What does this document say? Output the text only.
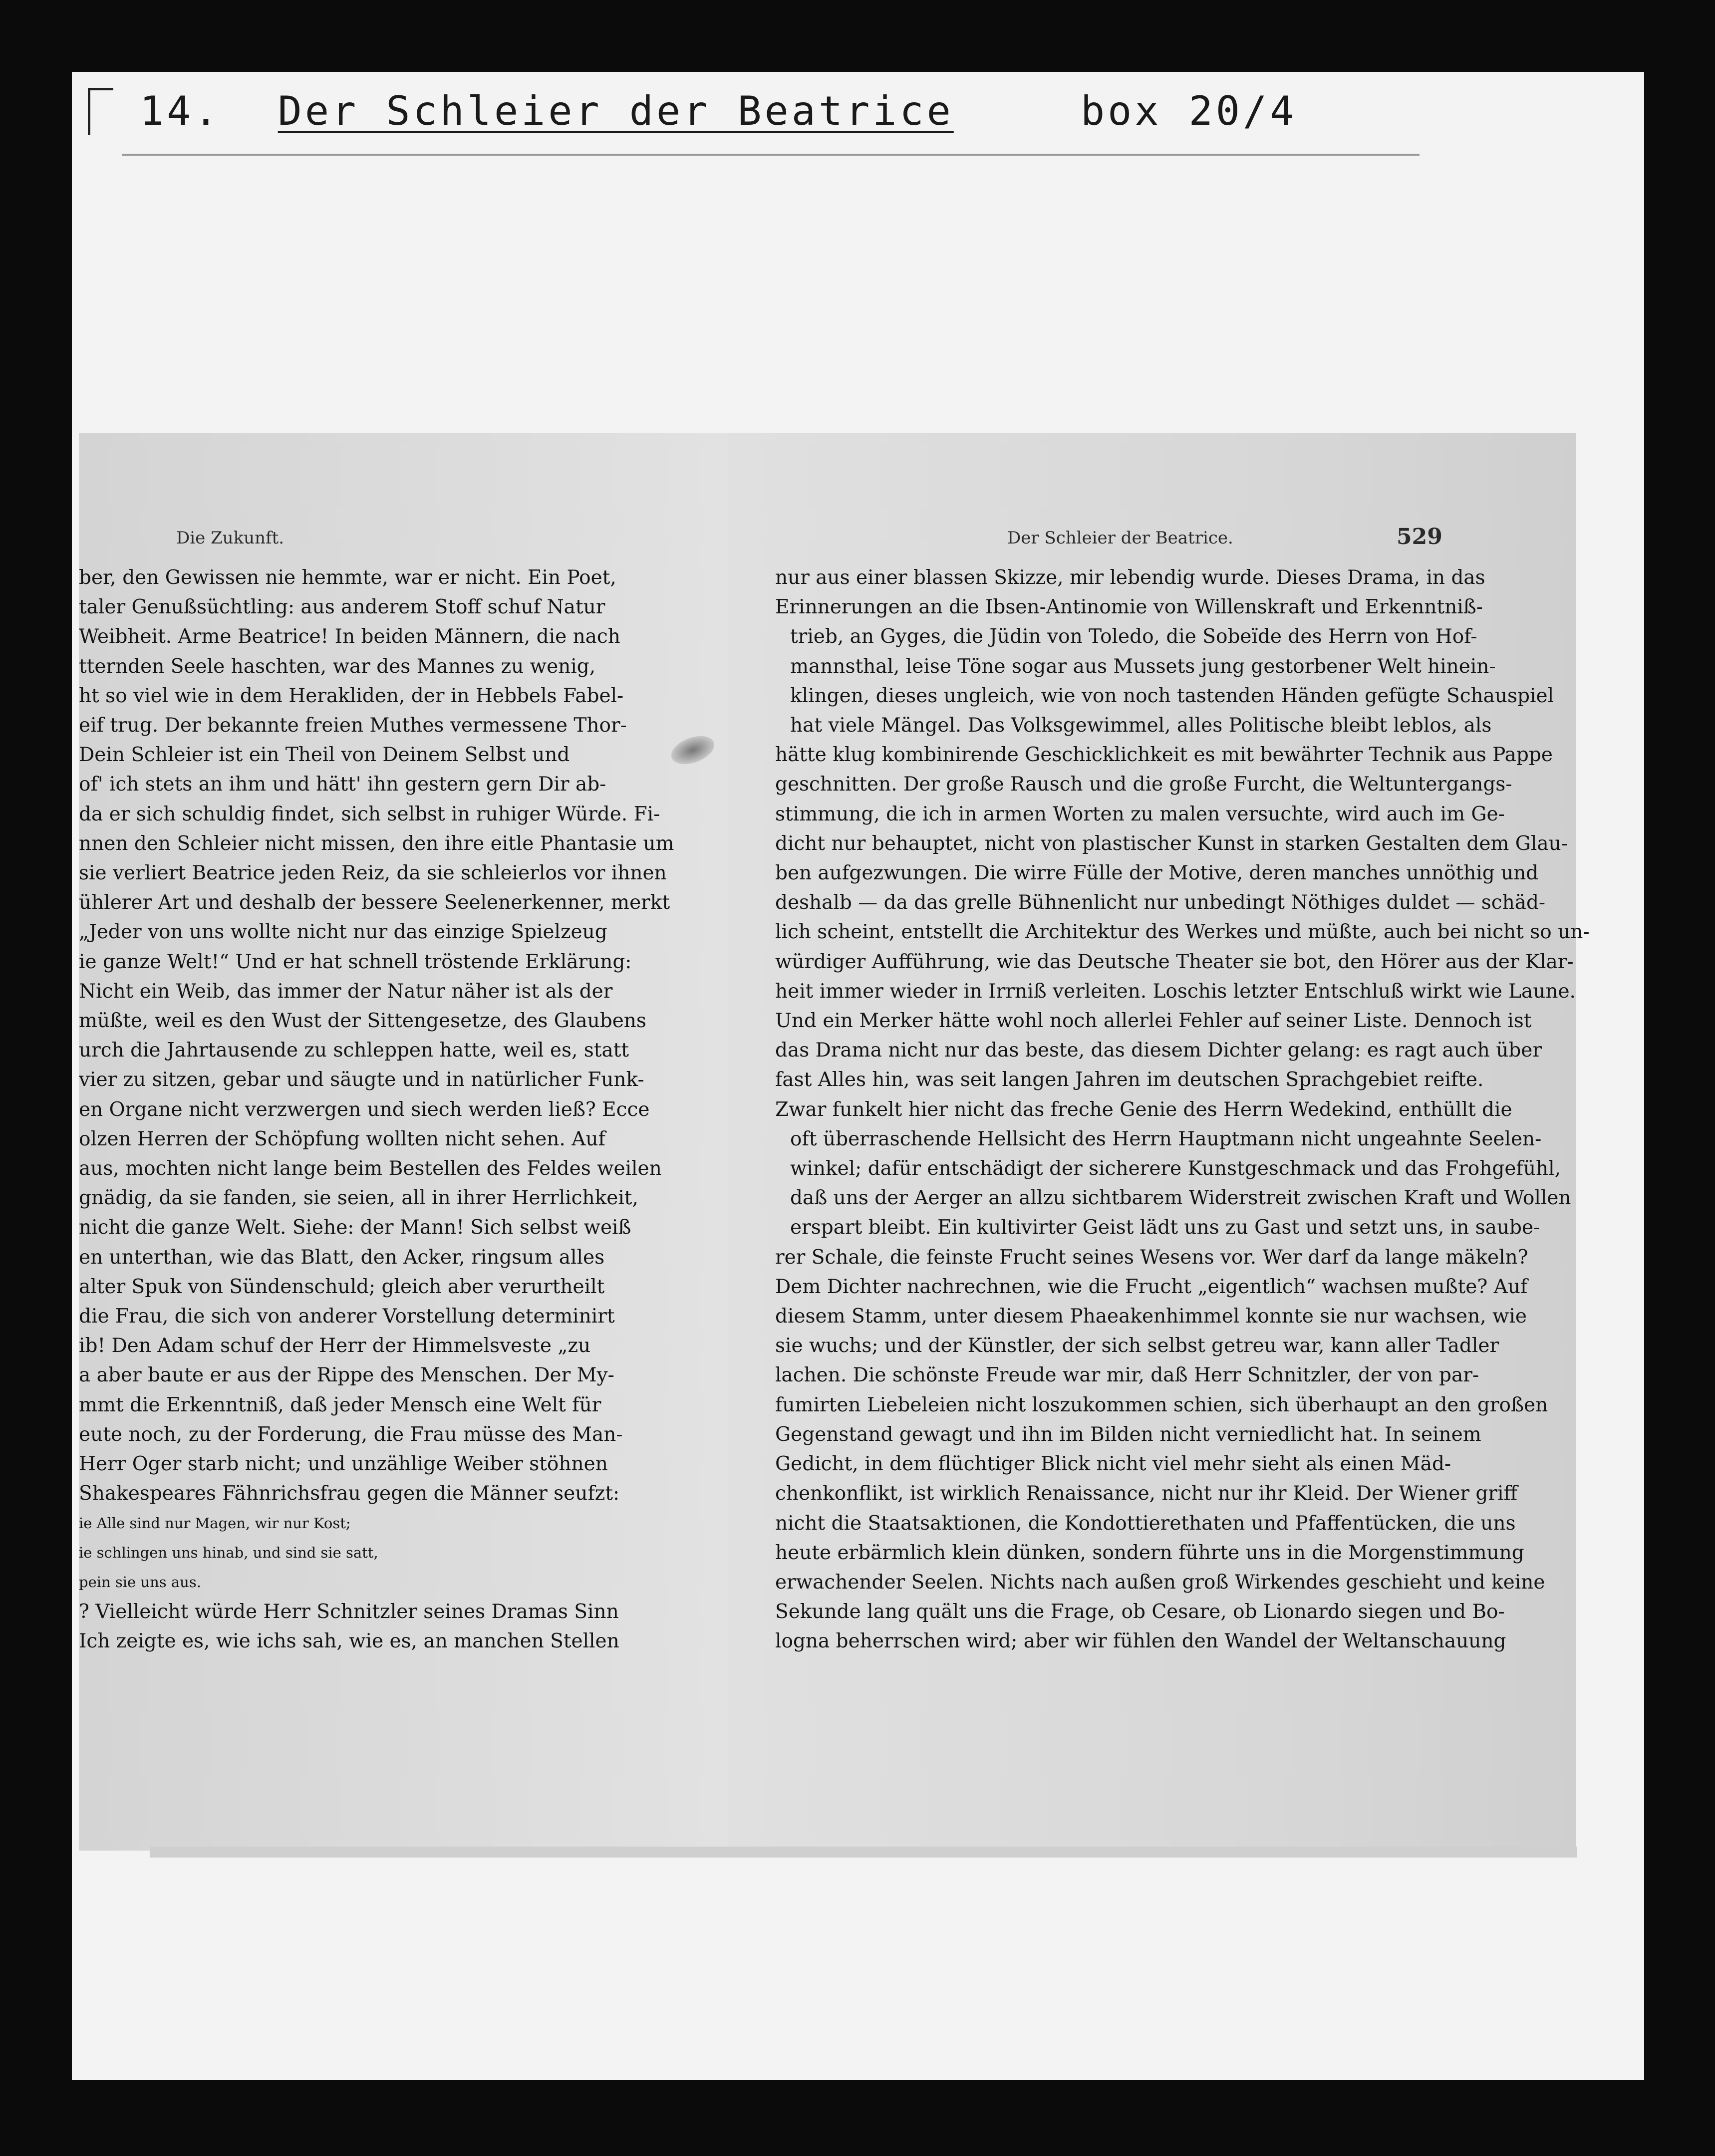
14. Der Schleier der Beatrice	box 20/4
Die Zukunft.	Der Schleier der Beatrice.	529
ber, den Gewissen nie hemmte, war er nicht. Ein Poet,
taler Genußsüchtling: aus anderem Stoff schuf Natur
Weibheit. Arme Beatrice! In beiden Männern, die nach
tternden Seele haschten, war des Mannes zu wenig,
ht so viel wie in dem Herakliden, der in Hebbels Fabel-
eif trug. Der bekannte freien Muthes vermessene Thor-
Dein Schleier ist ein Theil von Deinem Selbst und
of' ich stets an ihm und hätt' ihn gestern gern Dir ab-
da er sich schuldig findet, sich selbst in ruhiger Würde. Fi-
nnen den Schleier nicht missen, den ihre eitle Phantasie um
sie verliert Beatrice jeden Reiz, da sie schleierlos vor ihnen
ühlerer Art und deshalb der bessere Seelenerkenner, merkt
„Jeder von uns wollte nicht nur das einzige Spielzeug
ie ganze Welt!“ Und er hat schnell tröstende Erklärung:
Nicht ein Weib, das immer der Natur näher ist als der
müßte, weil es den Wust der Sittengesetze, des Glaubens
urch die Jahrtausende zu schleppen hatte, weil es, statt
vier zu sitzen, gebar und säugte und in natürlicher Funk-
en Organe nicht verzwergen und siech werden ließ? Ecce
olzen Herren der Schöpfung wollten nicht sehen. Auf
aus, mochten nicht lange beim Bestellen des Feldes weilen
gnädig, da sie fanden, sie seien, all in ihrer Herrlichkeit,
nicht die ganze Welt. Siehe: der Mann! Sich selbst weiß
en unterthan, wie das Blatt, den Acker, ringsum alles
alter Spuk von Sündenschuld; gleich aber verurtheilt
die Frau, die sich von anderer Vorstellung determinirt
ib! Den Adam schuf der Herr der Himmelsveste „zu
a aber baute er aus der Rippe des Menschen. Der My-
mmt die Erkenntniß, daß jeder Mensch eine Welt für
eute noch, zu der Forderung, die Frau müsse des Man-
Herr Oger starb nicht; und unzählige Weiber stöhnen
Shakespeares Fähnrichsfrau gegen die Männer seufzt:
ie Alle sind nur Magen, wir nur Kost;
ie schlingen uns hinab, und sind sie satt,
pein sie uns aus.
? Vielleicht würde Herr Schnitzler seines Dramas Sinn
Ich zeigte es, wie ichs sah, wie es, an manchen Stellen
nur aus einer blassen Skizze, mir lebendig wurde. Dieses Drama, in das
Erinnerungen an die Ibsen-Antinomie von Willenskraft und Erkenntniß-
trieb, an Gyges, die Jüdin von Toledo, die Sobeïde des Herrn von Hof-
mannsthal, leise Töne sogar aus Mussets jung gestorbener Welt hinein-
klingen, dieses ungleich, wie von noch tastenden Händen gefügte Schauspiel
hat viele Mängel. Das Volksgewimmel, alles Politische bleibt leblos, als
hätte klug kombinirende Geschicklichkeit es mit bewährter Technik aus Pappe
geschnitten. Der große Rausch und die große Furcht, die Weltuntergangs-
stimmung, die ich in armen Worten zu malen versuchte, wird auch im Ge-
dicht nur behauptet, nicht von plastischer Kunst in starken Gestalten dem Glau-
ben aufgezwungen. Die wirre Fülle der Motive, deren manches unnöthig und
deshalb — da das grelle Bühnenlicht nur unbedingt Nöthiges duldet — schäd-
lich scheint, entstellt die Architektur des Werkes und müßte, auch bei nicht so un-
würdiger Aufführung, wie das Deutsche Theater sie bot, den Hörer aus der Klar-
heit immer wieder in Irrniß verleiten. Loschis letzter Entschluß wirkt wie Laune.
Und ein Merker hätte wohl noch allerlei Fehler auf seiner Liste. Dennoch ist
das Drama nicht nur das beste, das diesem Dichter gelang: es ragt auch über
fast Alles hin, was seit langen Jahren im deutschen Sprachgebiet reifte.
Zwar funkelt hier nicht das freche Genie des Herrn Wedekind, enthüllt die
oft überraschende Hellsicht des Herrn Hauptmann nicht ungeahnte Seelen-
winkel; dafür entschädigt der sicherere Kunstgeschmack und das Frohgefühl,
daß uns der Aerger an allzu sichtbarem Widerstreit zwischen Kraft und Wollen
erspart bleibt. Ein kultivirter Geist lädt uns zu Gast und setzt uns, in saube-
rer Schale, die feinste Frucht seines Wesens vor. Wer darf da lange mäkeln?
Dem Dichter nachrechnen, wie die Frucht „eigentlich“ wachsen mußte? Auf
diesem Stamm, unter diesem Phaeakenhimmel konnte sie nur wachsen, wie
sie wuchs; und der Künstler, der sich selbst getreu war, kann aller Tadler
lachen. Die schönste Freude war mir, daß Herr Schnitzler, der von par-
fumirten Liebeleien nicht loszukommen schien, sich überhaupt an den großen
Gegenstand gewagt und ihn im Bilden nicht verniedlicht hat. In seinem
Gedicht, in dem flüchtiger Blick nicht viel mehr sieht als einen Mäd-
chenkonflikt, ist wirklich Renaissance, nicht nur ihr Kleid. Der Wiener griff
nicht die Staatsaktionen, die Kondottierethaten und Pfaffentücken, die uns
heute erbärmlich klein dünken, sondern führte uns in die Morgenstimmung
erwachender Seelen. Nichts nach außen groß Wirkendes geschieht und keine
Sekunde lang quält uns die Frage, ob Cesare, ob Lionardo siegen und Bo-
logna beherrschen wird; aber wir fühlen den Wandel der Weltanschauung
